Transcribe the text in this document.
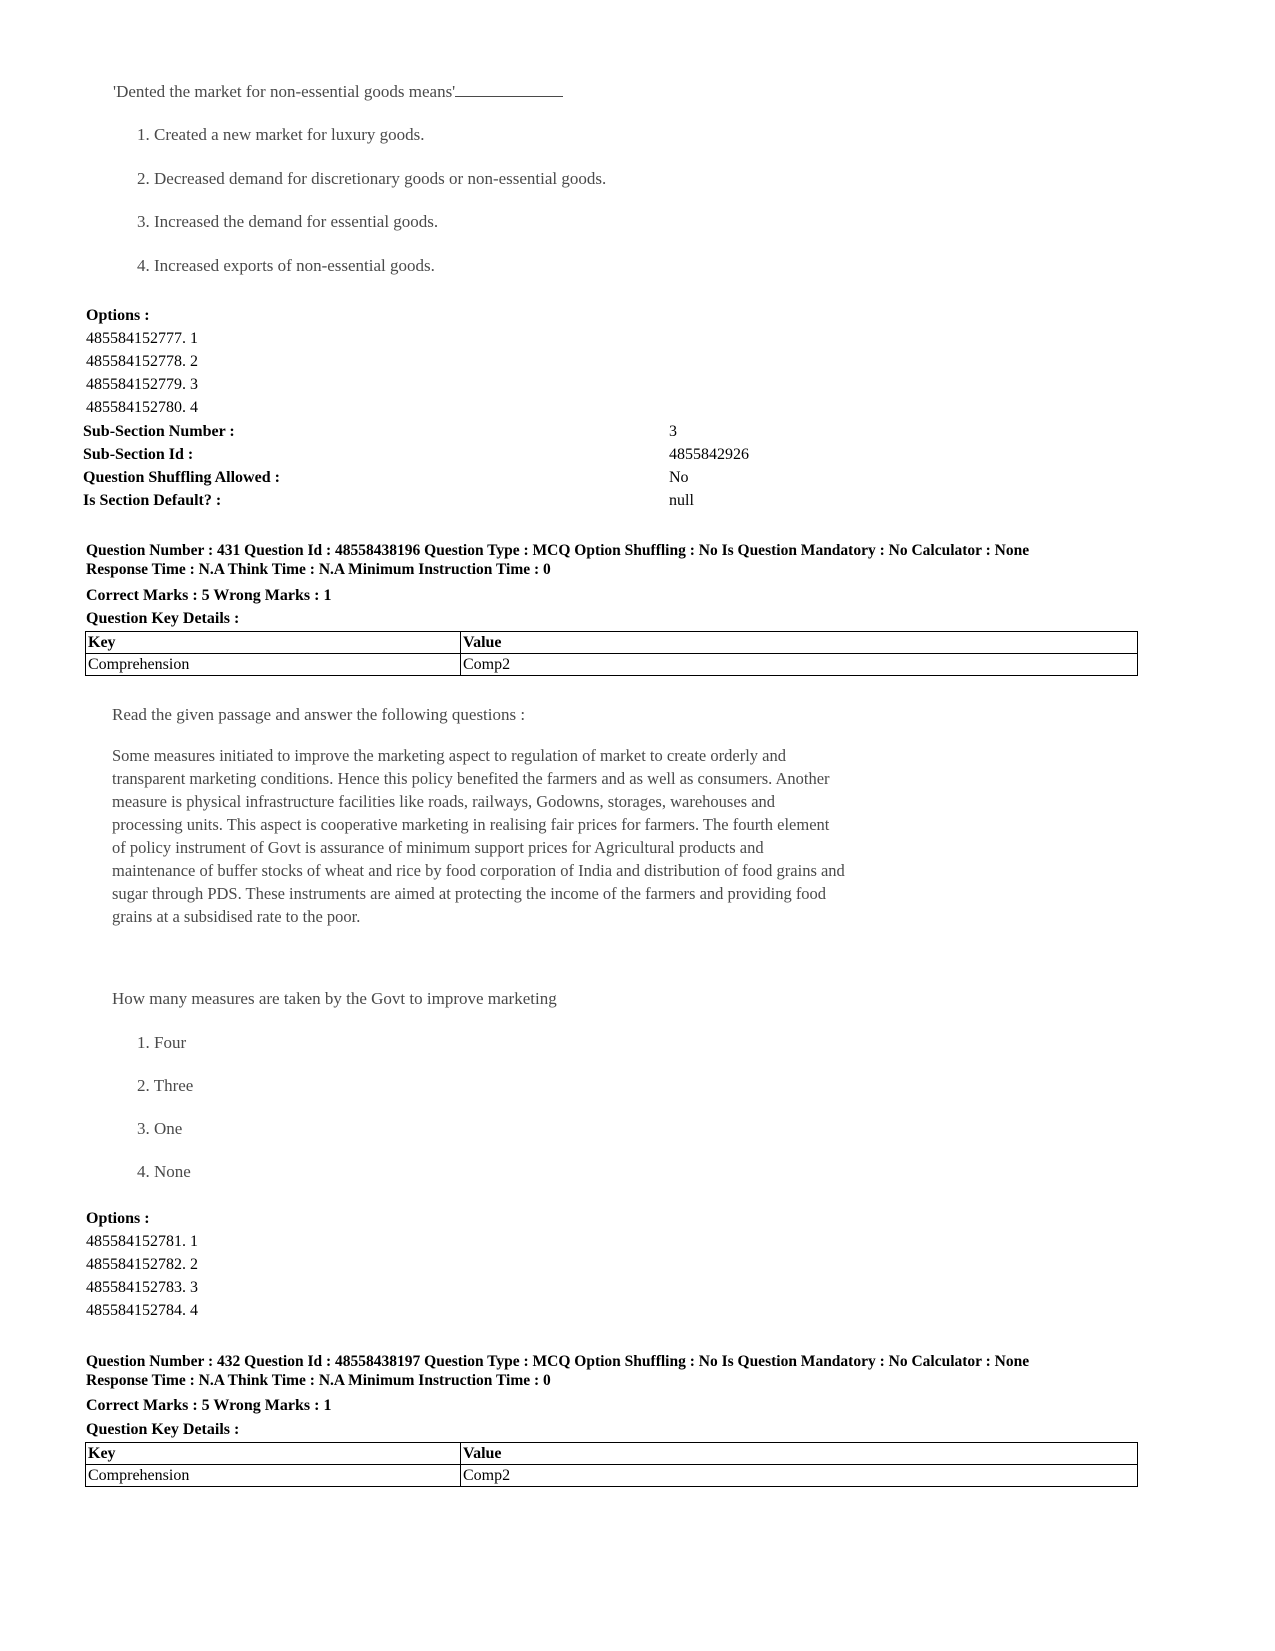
'Dented the market for non-essential goods means'
1. Created a new market for luxury goods.
2. Decreased demand for discretionary goods or non-essential goods.
3. Increased the demand for essential goods.
4. Increased exports of non-essential goods.
Options :
485584152777. 1
485584152778. 2
485584152779. 3
485584152780. 4
Sub-Section Number :	3
Sub-Section Id :	4855842926
Question Shuffling Allowed :	No
Is Section Default? :	null
Question Number : 431 Question Id : 48558438196 Question Type : MCQ Option Shuffling : No Is Question Mandatory : No Calculator : None
Response Time : N.A Think Time : N.A Minimum Instruction Time : 0
Correct Marks : 5 Wrong Marks : 1
Question Key Details :
Key	Value
Comprehension	Comp2
Read the given passage and answer the following questions :
Some measures initiated to improve the marketing aspect to regulation of market to create orderly and
transparent marketing conditions. Hence this policy benefited the farmers and as well as consumers. Another
measure is physical infrastructure facilities like roads, railways, Godowns, storages, warehouses and
processing units. This aspect is cooperative marketing in realising fair prices for farmers. The fourth element
of policy instrument of Govt is assurance of minimum support prices for Agricultural products and
maintenance of buffer stocks of wheat and rice by food corporation of India and distribution of food grains and
sugar through PDS. These instruments are aimed at protecting the income of the farmers and providing food
grains at a subsidised rate to the poor.
How many measures are taken by the Govt to improve marketing
1. Four
2. Three
3. One
4. None
Options :
485584152781. 1
485584152782. 2
485584152783. 3
485584152784. 4
Question Number : 432 Question Id : 48558438197 Question Type : MCQ Option Shuffling : No Is Question Mandatory : No Calculator : None
Response Time : N.A Think Time : N.A Minimum Instruction Time : 0
Correct Marks : 5 Wrong Marks : 1
Question Key Details :
Key	Value
Comprehension	Comp2
